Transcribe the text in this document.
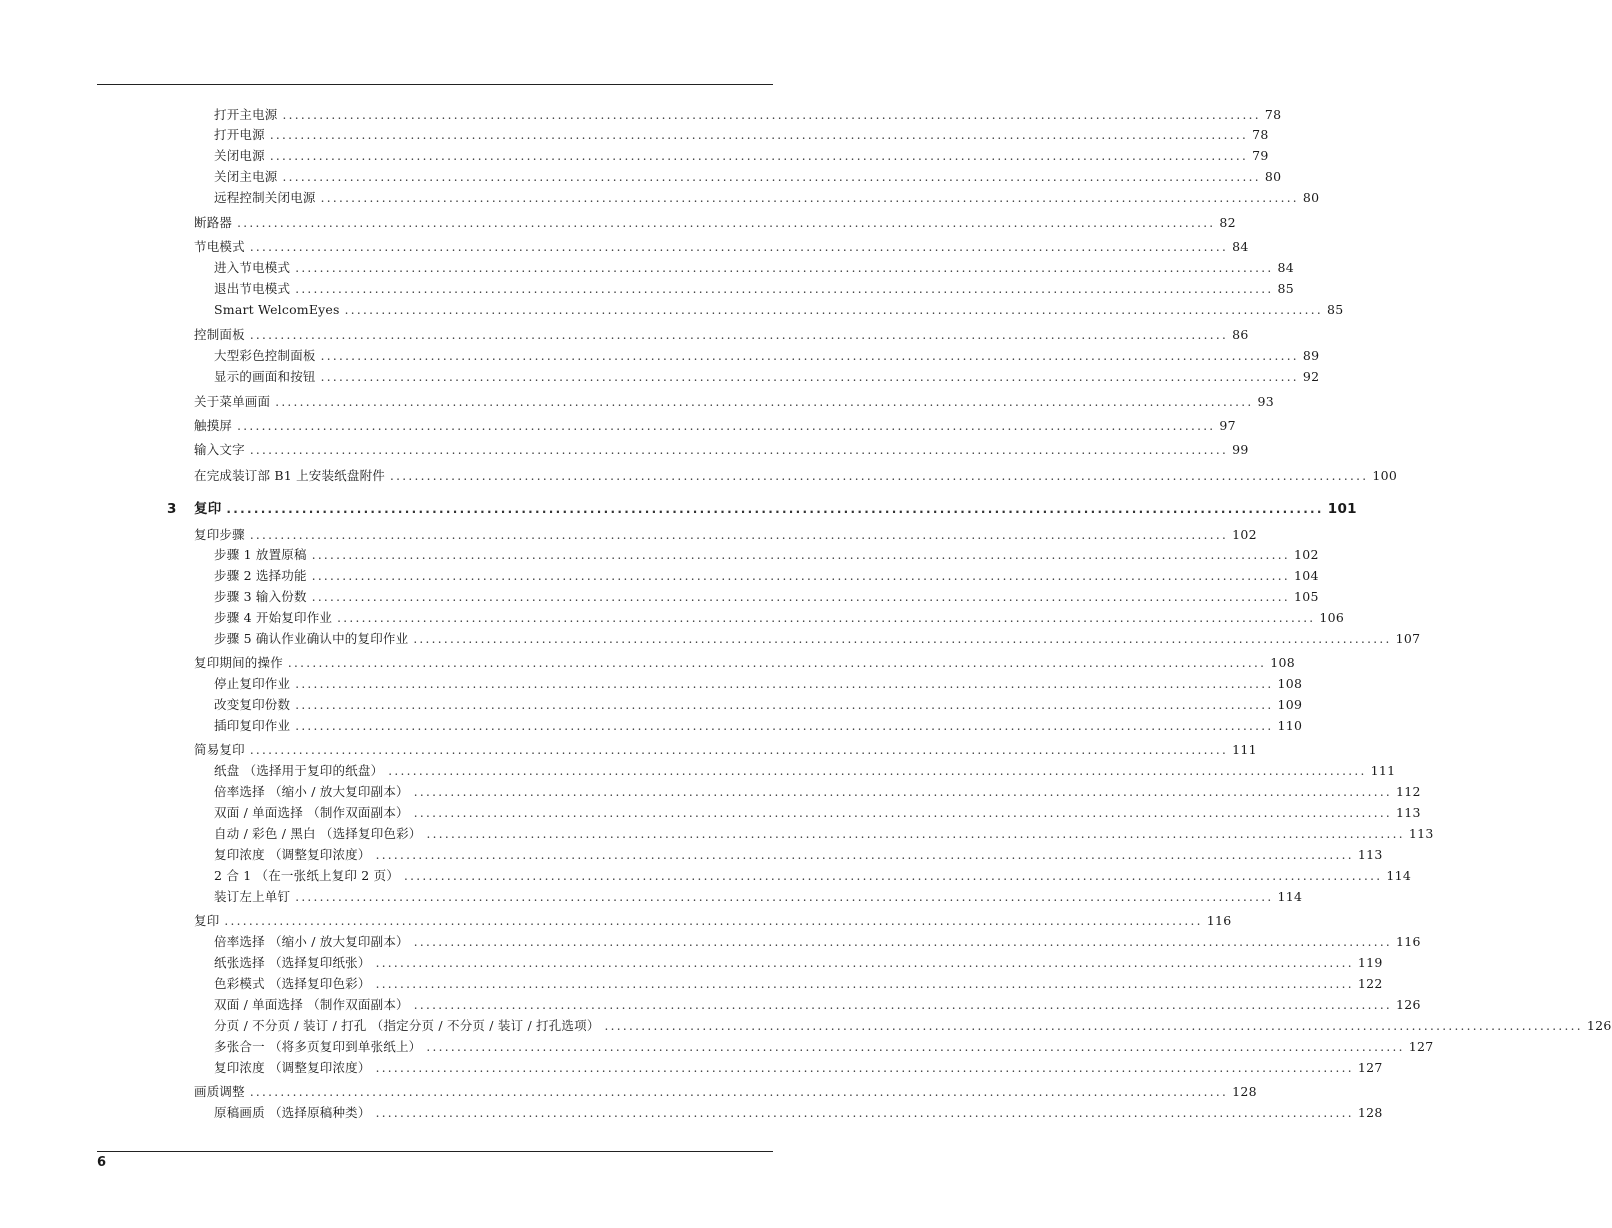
打开主电源 ................................................................................................................................................................ 78
打开电源 ................................................................................................................................................................ 78
关闭电源 ................................................................................................................................................................ 79
关闭主电源 ................................................................................................................................................................ 80
远程控制关闭电源 ................................................................................................................................................................ 80
断路器 ................................................................................................................................................................ 82
节电模式 ................................................................................................................................................................ 84
进入节电模式 ................................................................................................................................................................ 84
退出节电模式 ................................................................................................................................................................ 85
Smart WelcomEyes ................................................................................................................................................................ 85
控制面板 ................................................................................................................................................................ 86
大型彩色控制面板 ................................................................................................................................................................ 89
显示的画面和按钮 ................................................................................................................................................................ 92
关于菜单画面 ................................................................................................................................................................ 93
触摸屏 ................................................................................................................................................................ 97
输入文字 ................................................................................................................................................................ 99
在完成装订部 B1 上安装纸盘附件 ................................................................................................................................................................ 100
复印 ................................................................................................................................................................ 101
复印步骤 ................................................................................................................................................................ 102
步骤 1 放置原稿 ................................................................................................................................................................ 102
步骤 2 选择功能 ................................................................................................................................................................ 104
步骤 3 输入份数 ................................................................................................................................................................ 105
步骤 4 开始复印作业 ................................................................................................................................................................ 106
步骤 5 确认作业确认中的复印作业 ................................................................................................................................................................ 107
复印期间的操作 ................................................................................................................................................................ 108
停止复印作业 ................................................................................................................................................................ 108
改变复印份数 ................................................................................................................................................................ 109
插印复印作业 ................................................................................................................................................................ 110
简易复印 ................................................................................................................................................................ 111
纸盘 （选择用于复印的纸盘） ................................................................................................................................................................ 111
倍率选择 （缩小 / 放大复印副本） ................................................................................................................................................................ 112
双面 / 单面选择 （制作双面副本） ................................................................................................................................................................ 113
自动 / 彩色 / 黑白 （选择复印色彩） ................................................................................................................................................................ 113
复印浓度 （调整复印浓度） ................................................................................................................................................................ 113
2 合 1 （在一张纸上复印 2 页） ................................................................................................................................................................ 114
装订左上单钉 ................................................................................................................................................................ 114
复印 ................................................................................................................................................................ 116
倍率选择 （缩小 / 放大复印副本） ................................................................................................................................................................ 116
纸张选择 （选择复印纸张） ................................................................................................................................................................ 119
色彩模式 （选择复印色彩） ................................................................................................................................................................ 122
双面 / 单面选择 （制作双面副本） ................................................................................................................................................................ 126
分页 / 不分页 / 装订 / 打孔 （指定分页 / 不分页 / 装订 / 打孔选项） ................................................................................................................................................................ 126
多张合一 （将多页复印到单张纸上） ................................................................................................................................................................ 127
复印浓度 （调整复印浓度） ................................................................................................................................................................ 127
画质调整 ................................................................................................................................................................ 128
原稿画质 （选择原稿种类） ................................................................................................................................................................ 128
3
6
